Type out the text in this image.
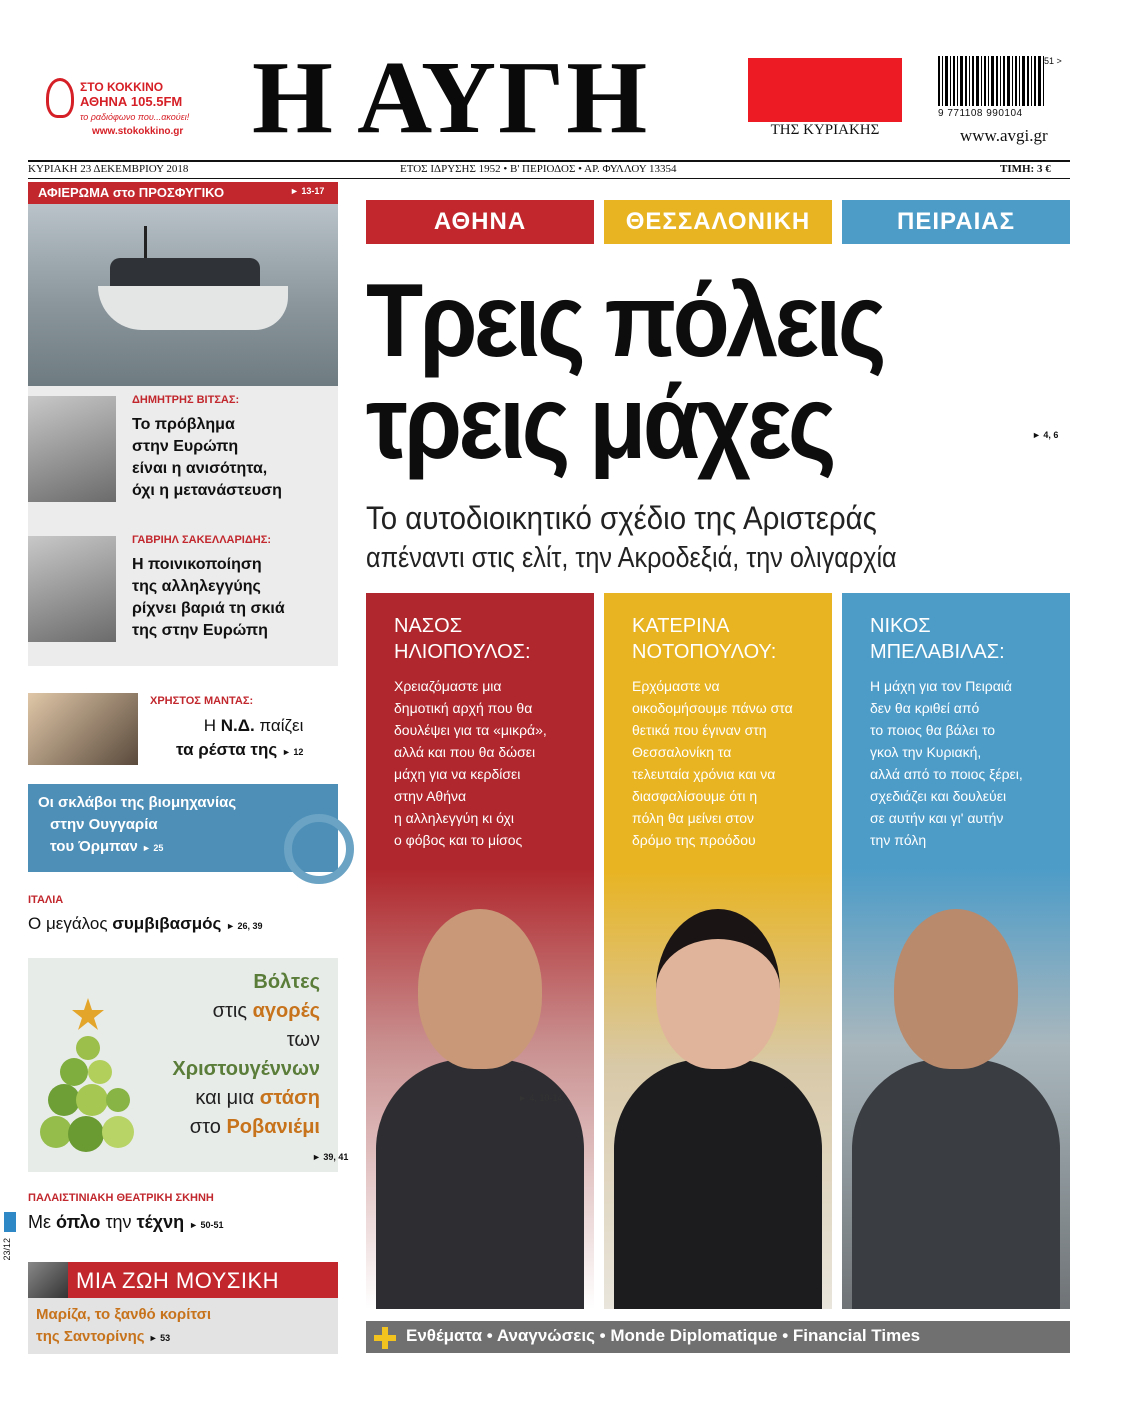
ΣΤΟ ΚΟΚΚΙΝΟ
ΑΘΗΝΑ 105.5FM
το ραδιόφωνο που...ακούει!
www.stokokkino.gr Η ΑΥΓΗ	ΤΗΣ ΚΥΡΙΑΚΗΣ
9 771108 990104
51 >
www.avgi.gr
ΚΥΡΙΑΚΗ 23 ΔΕΚΕΜΒΡΙΟΥ 2018	ΕΤΟΣ ΙΔΡΥΣΗΣ 1952 • Β' ΠΕΡΙΟΔΟΣ • ΑΡ. ΦΥΛΛΟΥ 13354	ΤΙΜΗ: 3 €
ΑΦΙΕΡΩΜΑ στο ΠΡΟΣΦΥΓΙΚΟ	► 13-17
ΔΗΜΗΤΡΗΣ ΒΙΤΣΑΣ:
Το πρόβλημα
στην Ευρώπη
είναι η ανισότητα,
όχι η μετανάστευση
ΓΑΒΡΙΗΛ ΣΑΚΕΛΛΑΡΙΔΗΣ:
Η ποινικοποίηση
της αλληλεγγύης
ρίχνει βαριά τη σκιά
της στην Ευρώπη
ΧΡΗΣΤΟΣ ΜΑΝΤΑΣ:
Η Ν.Δ. παίζει
τα ρέστα της ► 12
Οι σκλάβοι της βιομηχανίας
στην Ουγγαρία
του Όρμπαν ► 25
ΙΤΑΛΙΑ
Ο μεγάλος συμβιβασμός ► 26, 39
Βόλτες
στις αγορές
των
Χριστουγέννων
και μια στάση
στο Ροβανιέμι
► 39, 41
ΠΑΛΑΙΣΤΙΝΙΑΚΗ ΘΕΑΤΡΙΚΗ ΣΚΗΝΗ
Με όπλο την τέχνη ► 50-51
ΜΙΑ ΖΩΗ ΜΟΥΣΙΚΗ
Μαρίζα, το ξανθό κορίτσι
της Σαντορίνης ► 53
23/12
ΑΘΗΝΑ	ΘΕΣΣΑΛΟΝΙΚΗ	ΠΕΙΡΑΙΑΣ
Τρεις πόλεις
τρεις μάχες	► 4, 6
Το αυτοδιοικητικό σχέδιο της Αριστεράς
απέναντι στις ελίτ, την Ακροδεξιά, την ολιγαρχία
ΝΑΣΟΣ
ΗΛΙΟΠΟΥΛΟΣ:
Χρειαζόμαστε μια
δημοτική αρχή που θα
δουλέψει για τα «μικρά»,
αλλά και που θα δώσει
μάχη για να κερδίσει
στην Αθήνα
η αλληλεγγύη κι όχι
ο φόβος και το μίσος
► 4, 10-14
ΚΑΤΕΡΙΝΑ
ΝΟΤΟΠΟΥΛΟΥ:
Ερχόμαστε να
οικοδομήσουμε πάνω στα
θετικά που έγιναν στη
Θεσσαλονίκη τα
τελευταία χρόνια και να
διασφαλίσουμε ότι η
πόλη θα μείνει στον
δρόμο της προόδου
ΝΙΚΟΣ
ΜΠΕΛΑΒΙΛΑΣ:
Η μάχη για τον Πειραιά
δεν θα κριθεί από
το ποιος θα βάλει το
γκολ την Κυριακή,
αλλά από το ποιος ξέρει,
σχεδιάζει και δουλεύει
σε αυτήν και γι' αυτήν
την πόλη
Ενθέματα • Αναγνώσεις • Monde Diplomatique • Financial Times
